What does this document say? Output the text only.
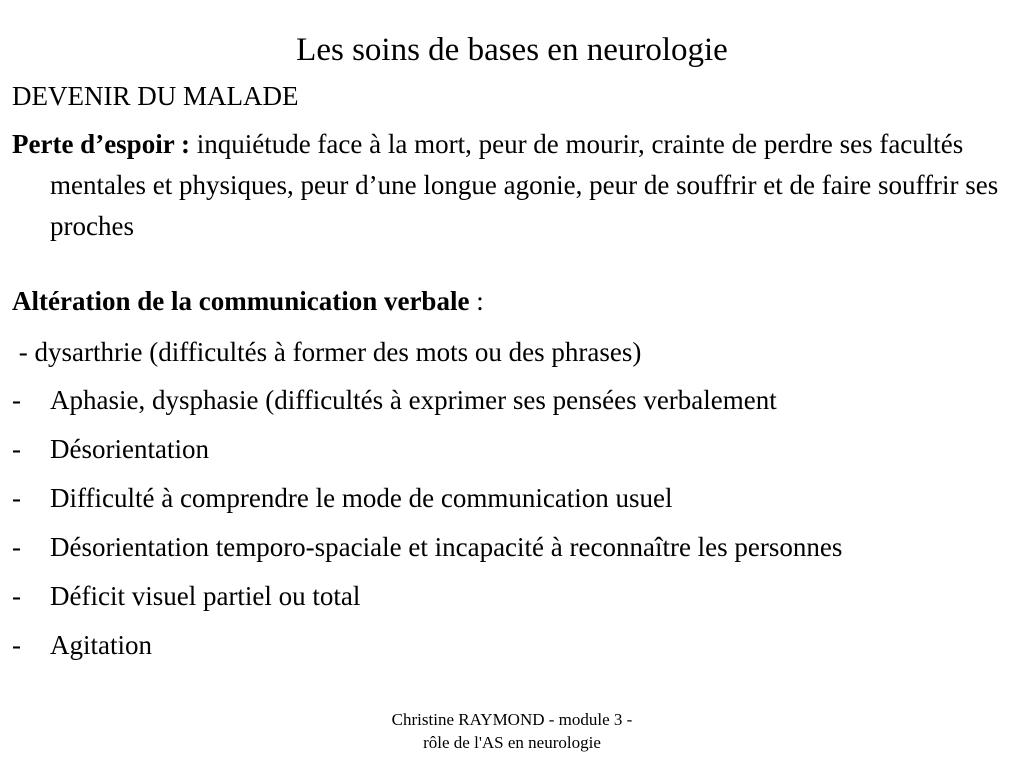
Les soins de bases en neurologie
DEVENIR DU MALADE
Perte d’espoir : inquiétude face à la mort, peur de mourir, crainte de perdre ses facultés mentales et physiques, peur d’une longue agonie, peur de souffrir et de faire souffrir ses proches
Altération de la communication verbale :
- dysarthrie (difficultés à former des mots ou des phrases)
- Aphasie, dysphasie (difficultés à exprimer ses pensées verbalement
- Désorientation
- Difficulté à comprendre le mode de communication usuel
- Désorientation temporo-spaciale et incapacité à reconnaître les personnes
- Déficit visuel partiel ou total
- Agitation
Christine RAYMOND - module 3 -
rôle de l'AS en neurologie
